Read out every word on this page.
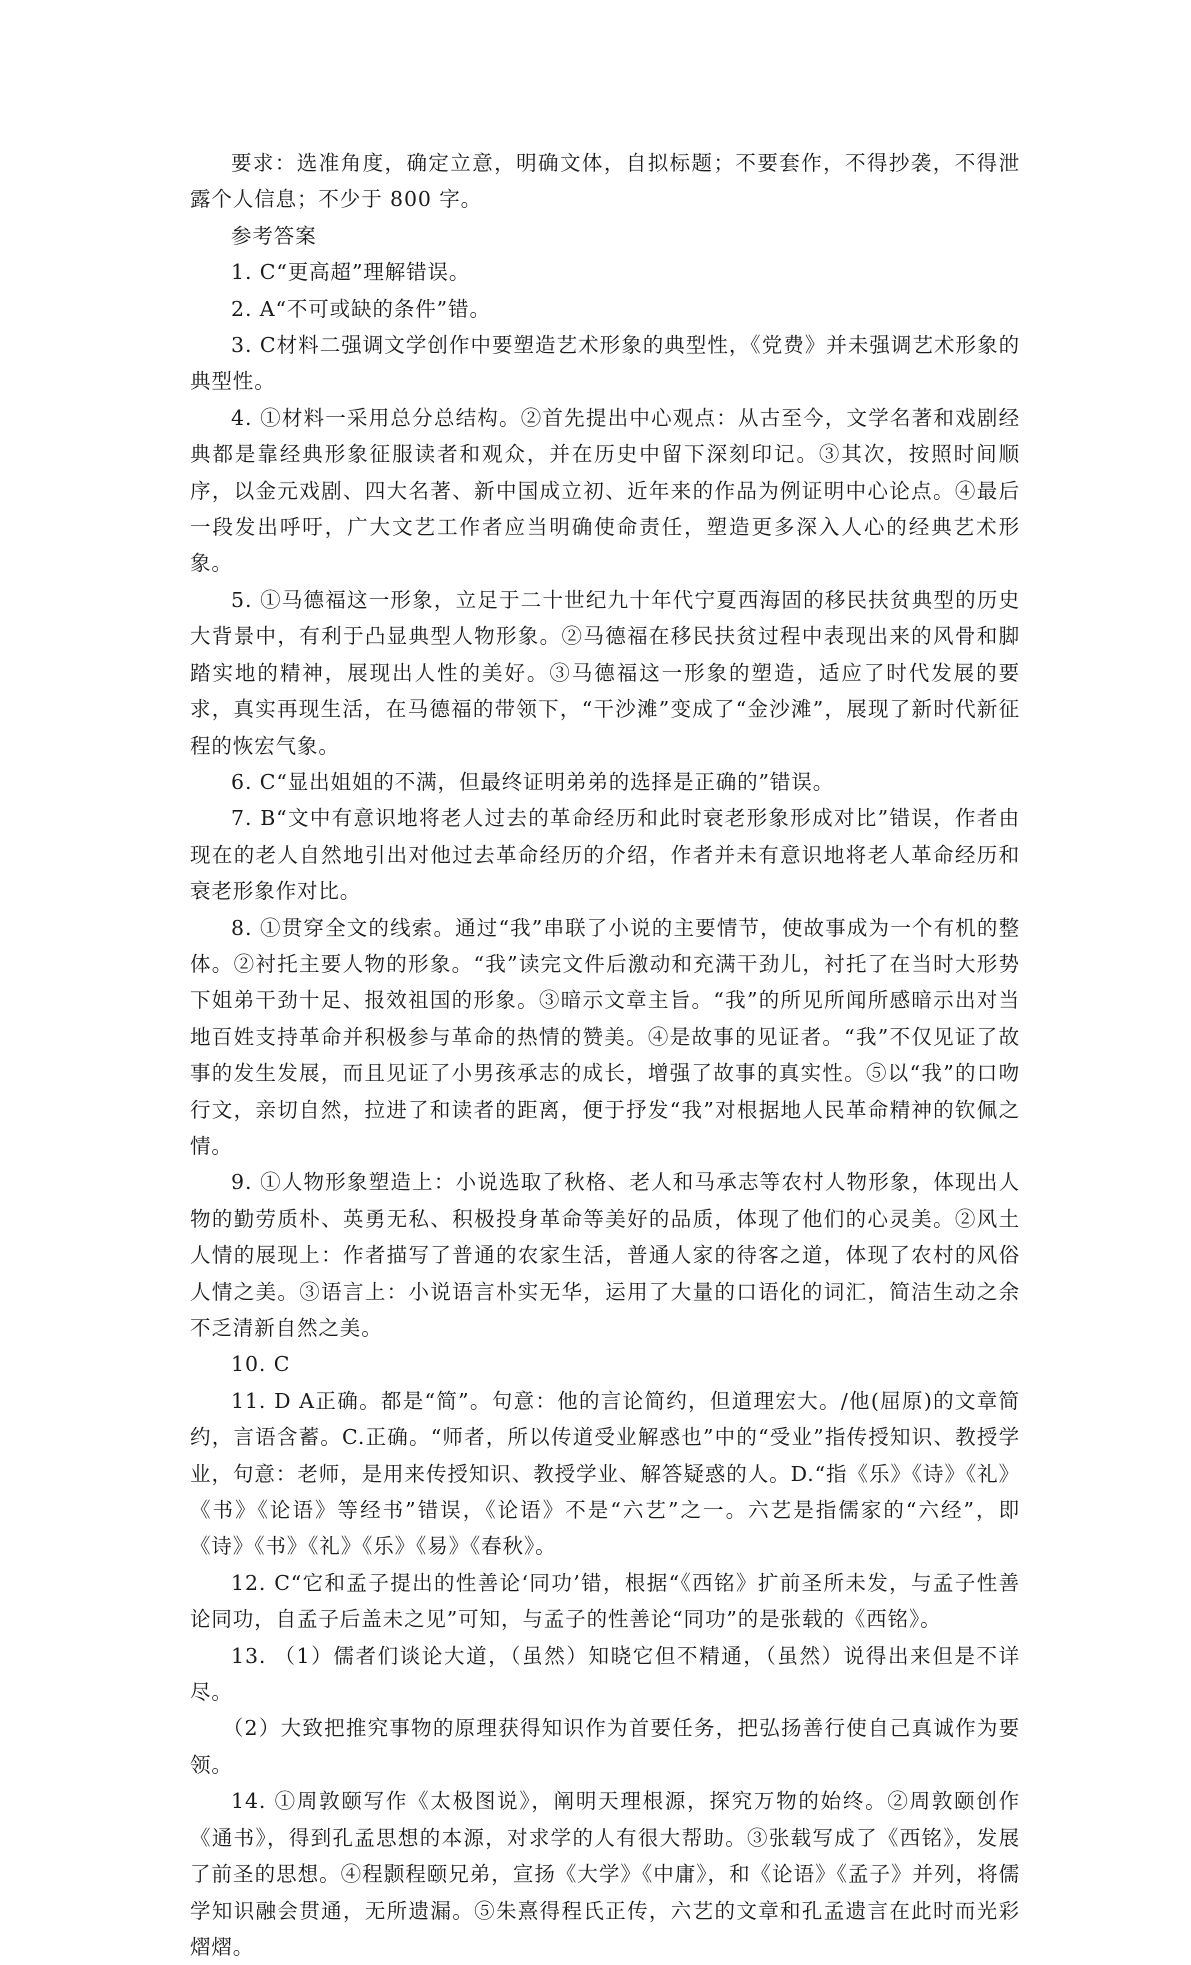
要求：选准角度，确定立意，明确文体，自拟标题；不要套作，不得抄袭，不得泄露个人信息；不少于 800 字。

参考答案

1. C“更高超”理解错误。

2. A“不可或缺的条件”错。

3. C材料二强调文学创作中要塑造艺术形象的典型性，《党费》并未强调艺术形象的典型性。

4. ①材料一采用总分总结构。②首先提出中心观点：从古至今，文学名著和戏剧经典都是靠经典形象征服读者和观众，并在历史中留下深刻印记。③其次，按照时间顺序，以金元戏剧、四大名著、新中国成立初、近年来的作品为例证明中心论点。④最后一段发出呼吁，广大文艺工作者应当明确使命责任，塑造更多深入人心的经典艺术形象。

5. ①马德福这一形象，立足于二十世纪九十年代宁夏西海固的移民扶贫典型的历史大背景中，有利于凸显典型人物形象。②马德福在移民扶贫过程中表现出来的风骨和脚踏实地的精神，展现出人性的美好。③马德福这一形象的塑造，适应了时代发展的要求，真实再现生活，在马德福的带领下，“干沙滩”变成了“金沙滩”，展现了新时代新征程的恢宏气象。

6. C“显出姐姐的不满，但最终证明弟弟的选择是正确的”错误。

7. B“文中有意识地将老人过去的革命经历和此时衰老形象形成对比”错误，作者由现在的老人自然地引出对他过去革命经历的介绍，作者并未有意识地将老人革命经历和衰老形象作对比。

8. ①贯穿全文的线索。通过“我”串联了小说的主要情节，使故事成为一个有机的整体。②衬托主要人物的形象。“我”读完文件后激动和充满干劲儿，衬托了在当时大形势下姐弟干劲十足、报效祖国的形象。③暗示文章主旨。“我”的所见所闻所感暗示出对当地百姓支持革命并积极参与革命的热情的赞美。④是故事的见证者。“我”不仅见证了故事的发生发展，而且见证了小男孩承志的成长，增强了故事的真实性。⑤以“我”的口吻行文，亲切自然，拉进了和读者的距离，便于抒发“我”对根据地人民革命精神的钦佩之情。

9. ①人物形象塑造上：小说选取了秋格、老人和马承志等农村人物形象，体现出人物的勤劳质朴、英勇无私、积极投身革命等美好的品质，体现了他们的心灵美。②风土人情的展现上：作者描写了普通的农家生活，普通人家的待客之道，体现了农村的风俗人情之美。③语言上：小说语言朴实无华，运用了大量的口语化的词汇，简洁生动之余不乏清新自然之美。

10. C

11. D A正确。都是“简”。句意：他的言论简约，但道理宏大。/他(屈原)的文章简约，言语含蓄。C.正确。“师者，所以传道受业解惑也”中的“受业”指传授知识、教授学业，句意：老师，是用来传授知识、教授学业、解答疑惑的人。D.“指《乐》《诗》《礼》《书》《论语》等经书”错误，《论语》不是“六艺”之一。六艺是指儒家的“六经”，即《诗》《书》《礼》《乐》《易》《春秋》。

12. C“它和孟子提出的性善论‘同功’错，根据“《西铭》扩前圣所未发，与孟子性善论同功，自孟子后盖未之见”可知，与孟子的性善论“同功”的是张载的《西铭》。

13. （1）儒者们谈论大道，（虽然）知晓它但不精通，（虽然）说得出来但是不详尽。

（2）大致把推究事物的原理获得知识作为首要任务，把弘扬善行使自己真诚作为要领。

14. ①周敦颐写作《太极图说》，阐明天理根源，探究万物的始终。②周敦颐创作《通书》，得到孔孟思想的本源，对求学的人有很大帮助。③张载写成了《西铭》，发展了前圣的思想。④程颢程颐兄弟，宣扬《大学》《中庸》，和《论语》《孟子》并列，将儒学知识融会贯通，无所遗漏。⑤朱熹得程氏正传，六艺的文章和孔孟遗言在此时而光彩熠熠。
